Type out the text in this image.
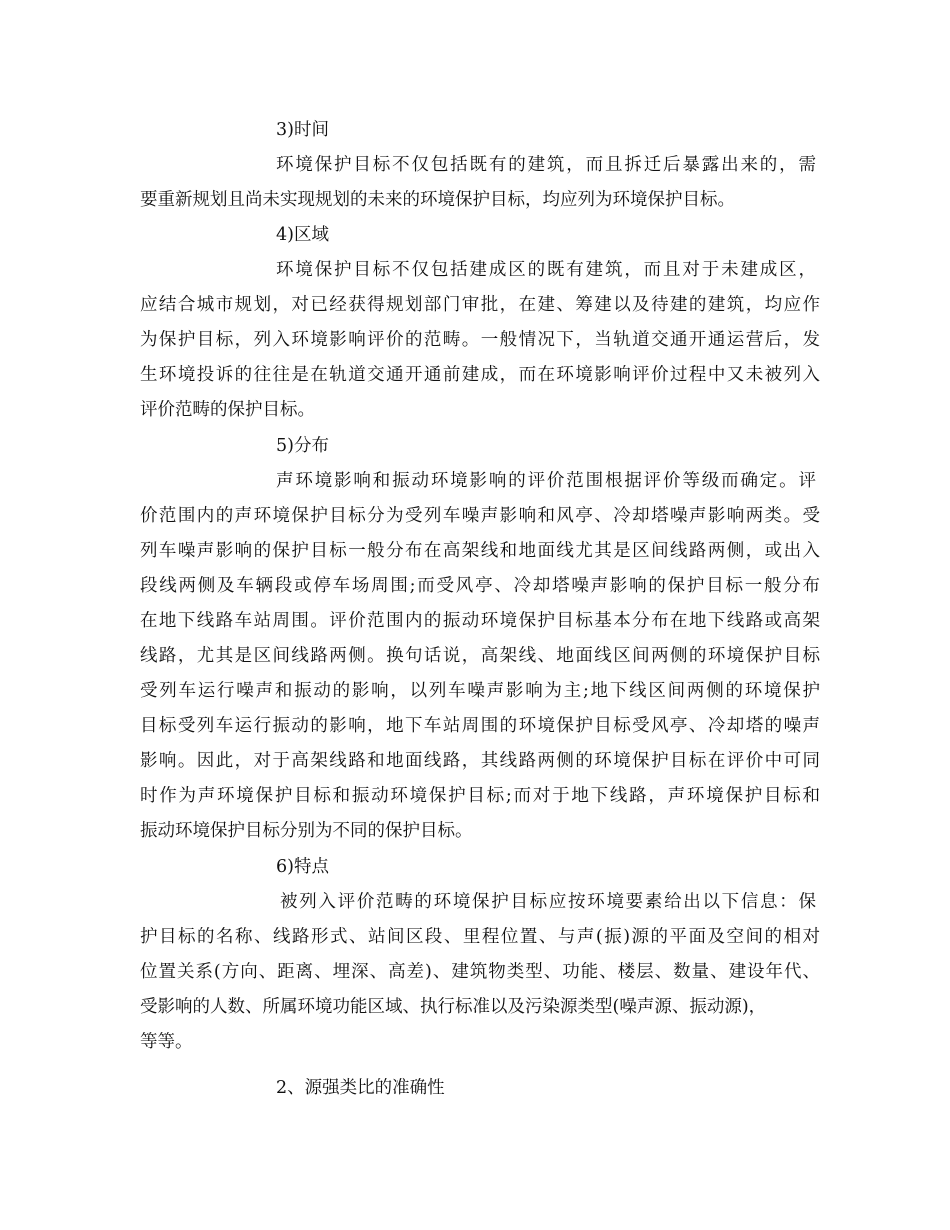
3)时间
环境保护目标不仅包括既有的建筑，而且拆迁后暴露出来的，需
要重新规划且尚未实现规划的未来的环境保护目标，均应列为环境保护目标。
4)区域
环境保护目标不仅包括建成区的既有建筑，而且对于未建成区，
应结合城市规划，对已经获得规划部门审批，在建、筹建以及待建的建筑，均应作
为保护目标，列入环境影响评价的范畴。一般情况下，当轨道交通开通运营后，发
生环境投诉的往往是在轨道交通开通前建成，而在环境影响评价过程中又未被列入
评价范畴的保护目标。
5)分布
声环境影响和振动环境影响的评价范围根据评价等级而确定。评
价范围内的声环境保护目标分为受列车噪声影响和风亭、冷却塔噪声影响两类。受
列车噪声影响的保护目标一般分布在高架线和地面线尤其是区间线路两侧，或出入
段线两侧及车辆段或停车场周围;而受风亭、冷却塔噪声影响的保护目标一般分布
在地下线路车站周围。评价范围内的振动环境保护目标基本分布在地下线路或高架
线路，尤其是区间线路两侧。换句话说，高架线、地面线区间两侧的环境保护目标
受列车运行噪声和振动的影响，以列车噪声影响为主;地下线区间两侧的环境保护
目标受列车运行振动的影响，地下车站周围的环境保护目标受风亭、冷却塔的噪声
影响。因此，对于高架线路和地面线路，其线路两侧的环境保护目标在评价中可同
时作为声环境保护目标和振动环境保护目标;而对于地下线路，声环境保护目标和
振动环境保护目标分别为不同的保护目标。
6)特点
被列入评价范畴的环境保护目标应按环境要素给出以下信息：保
护目标的名称、线路形式、站间区段、里程位置、与声(振)源的平面及空间的相对
位置关系(方向、距离、埋深、高差)、建筑物类型、功能、楼层、数量、建设年代、
受影响的人数、所属环境功能区域、执行标准以及污染源类型(噪声源、振动源)，
等等。
2、源强类比的准确性
